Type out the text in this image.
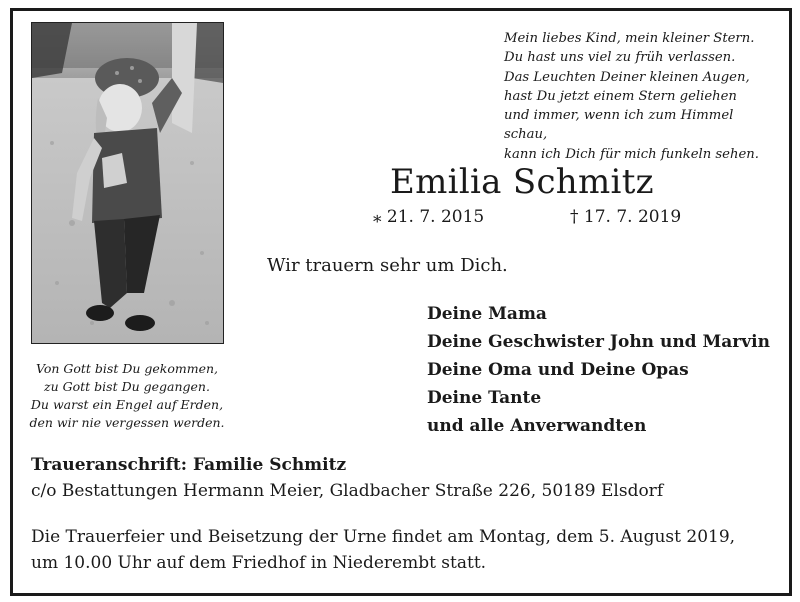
Von Gott bist Du gekommen,
zu Gott bist Du gegangen.
Du warst ein Engel auf Erden,
den wir nie vergessen werden.
Mein liebes Kind, mein kleiner Stern.
Du hast uns viel zu früh verlassen.
Das Leuchten Deiner kleinen Augen,
hast Du jetzt einem Stern geliehen
und immer, wenn ich zum Himmel schau,
kann ich Dich für mich funkeln sehen.
Emilia Schmitz
⁎ 21. 7. 2015	† 17. 7. 2019
Wir trauern sehr um Dich.
Deine Mama
Deine Geschwister John und Marvin
Deine Oma und Deine Opas
Deine Tante
und alle Anverwandten
Traueranschrift: Familie Schmitz
c/o Bestattungen Hermann Meier, Gladbacher Straße 226, 50189 Elsdorf
Die Trauerfeier und Beisetzung der Urne findet am Montag, dem 5. August 2019,
um 10.00 Uhr auf dem Friedhof in Niederembt statt.
